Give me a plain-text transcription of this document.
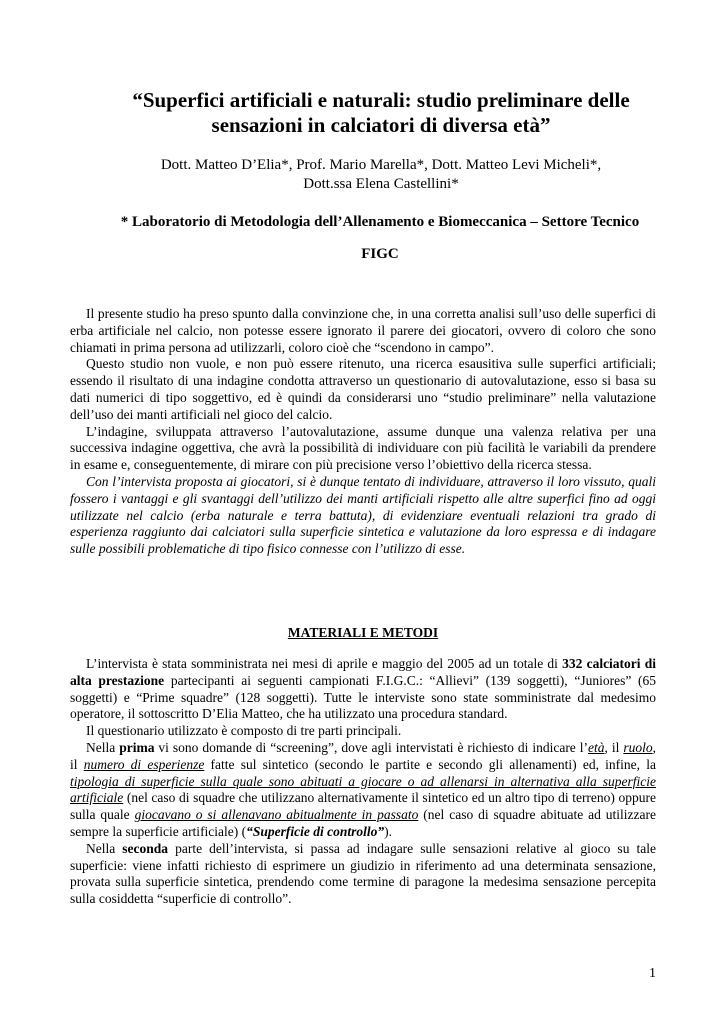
“Superfici artificiali e naturali: studio preliminare delle
sensazioni in calciatori di diversa età”
Dott. Matteo D’Elia*, Prof. Mario Marella*, Dott. Matteo Levi Micheli*,
Dott.ssa Elena Castellini*
* Laboratorio di Metodologia dell’Allenamento e Biomeccanica – Settore Tecnico
FIGC

Il presente studio ha preso spunto dalla convinzione che, in una corretta analisi sull’uso delle superfici di erba artificiale nel calcio, non potesse essere ignorato il parere dei giocatori, ovvero di coloro che sono chiamati in prima persona ad utilizzarli, coloro cioè che “scendono in campo”.

Questo studio non vuole, e non può essere ritenuto, una ricerca esausitiva sulle superfici artificiali; essendo il risultato di una indagine condotta attraverso un questionario di autovalutazione, esso si basa su dati numerici di tipo soggettivo, ed è quindi da considerarsi uno “studio preliminare” nella valutazione dell’uso dei manti artificiali nel gioco del calcio.

L’indagine, sviluppata attraverso l’autovalutazione, assume dunque una valenza relativa per una successiva indagine oggettiva, che avrà la possibilità di individuare con più facilità le variabili da prendere in esame e, conseguentemente, di mirare con più precisione verso l’obiettivo della ricerca stessa.

Con l’intervista proposta ai giocatori, si è dunque tentato di individuare, attraverso il loro vissuto, quali fossero i vantaggi e gli svantaggi dell’utilizzo dei manti artificiali rispetto alle altre superfici fino ad oggi utilizzate nel calcio (erba naturale e terra battuta), di evidenziare eventuali relazioni tra grado di esperienza raggiunto dai calciatori sulla superficie sintetica e valutazione da loro espressa e di indagare sulle possibili problematiche di tipo fisico connesse con l’utilizzo di esse.

MATERIALI E METODI

L’intervista è stata somministrata nei mesi di aprile e maggio del 2005 ad un totale di 332 calciatori di alta prestazione partecipanti ai seguenti campionati F.I.G.C.: “Allievi” (139 soggetti), “Juniores” (65 soggetti) e “Prime squadre” (128 soggetti). Tutte le interviste sono state somministrate dal medesimo operatore, il sottoscritto D’Elia Matteo, che ha utilizzato una procedura standard.

Il questionario utilizzato è composto di tre parti principali.

Nella prima vi sono domande di “screening”, dove agli intervistati è richiesto di indicare l’età, il ruolo, il numero di esperienze fatte sul sintetico (secondo le partite e secondo gli allenamenti) ed, infine, la tipologia di superficie sulla quale sono abituati a giocare o ad allenarsi in alternativa alla superficie artificiale (nel caso di squadre che utilizzano alternativamente il sintetico ed un altro tipo di terreno) oppure sulla quale giocavano o si allenavano abitualmente in passato (nel caso di squadre abituate ad utilizzare sempre la superficie artificiale) (“Superficie di controllo”).

Nella seconda parte dell’intervista, si passa ad indagare sulle sensazioni relative al gioco su tale superficie: viene infatti richiesto di esprimere un giudizio in riferimento ad una determinata sensazione, provata sulla superficie sintetica, prendendo come termine di paragone la medesima sensazione percepita sulla cosiddetta “superficie di controllo”.

1
